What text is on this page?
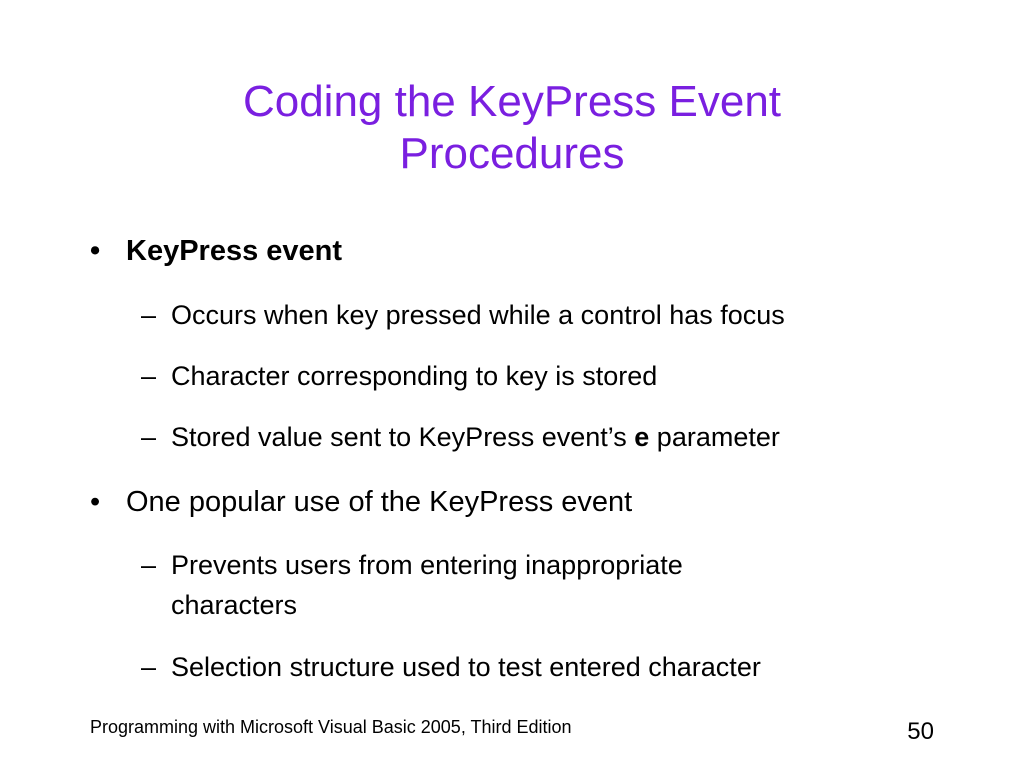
Coding the KeyPress Event
Procedures
• KeyPress event
– Occurs when key pressed while a control has focus
– Character corresponding to key is stored
– Stored value sent to KeyPress event’s e parameter
• One popular use of the KeyPress event
– Prevents users from entering inappropriate
characters
– Selection structure used to test entered character
Programming with Microsoft Visual Basic 2005, Third Edition	50
